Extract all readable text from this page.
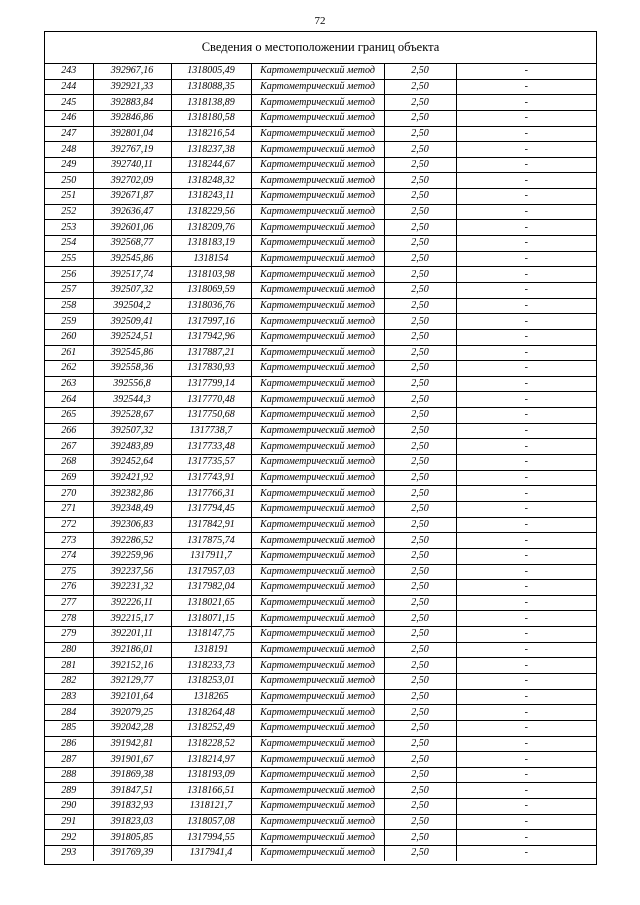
72
Сведения о местоположении границ объекта
243	392967,16	1318005,49	Картометрический метод	2,50	-
244	392921,33	1318088,35	Картометрический метод	2,50	-
245	392883,84	1318138,89	Картометрический метод	2,50	-
246	392846,86	1318180,58	Картометрический метод	2,50	-
247	392801,04	1318216,54	Картометрический метод	2,50	-
248	392767,19	1318237,38	Картометрический метод	2,50	-
249	392740,11	1318244,67	Картометрический метод	2,50	-
250	392702,09	1318248,32	Картометрический метод	2,50	-
251	392671,87	1318243,11	Картометрический метод	2,50	-
252	392636,47	1318229,56	Картометрический метод	2,50	-
253	392601,06	1318209,76	Картометрический метод	2,50	-
254	392568,77	1318183,19	Картометрический метод	2,50	-
255	392545,86	1318154	Картометрический метод	2,50	-
256	392517,74	1318103,98	Картометрический метод	2,50	-
257	392507,32	1318069,59	Картометрический метод	2,50	-
258	392504,2	1318036,76	Картометрический метод	2,50	-
259	392509,41	1317997,16	Картометрический метод	2,50	-
260	392524,51	1317942,96	Картометрический метод	2,50	-
261	392545,86	1317887,21	Картометрический метод	2,50	-
262	392558,36	1317830,93	Картометрический метод	2,50	-
263	392556,8	1317799,14	Картометрический метод	2,50	-
264	392544,3	1317770,48	Картометрический метод	2,50	-
265	392528,67	1317750,68	Картометрический метод	2,50	-
266	392507,32	1317738,7	Картометрический метод	2,50	-
267	392483,89	1317733,48	Картометрический метод	2,50	-
268	392452,64	1317735,57	Картометрический метод	2,50	-
269	392421,92	1317743,91	Картометрический метод	2,50	-
270	392382,86	1317766,31	Картометрический метод	2,50	-
271	392348,49	1317794,45	Картометрический метод	2,50	-
272	392306,83	1317842,91	Картометрический метод	2,50	-
273	392286,52	1317875,74	Картометрический метод	2,50	-
274	392259,96	1317911,7	Картометрический метод	2,50	-
275	392237,56	1317957,03	Картометрический метод	2,50	-
276	392231,32	1317982,04	Картометрический метод	2,50	-
277	392226,11	1318021,65	Картометрический метод	2,50	-
278	392215,17	1318071,15	Картометрический метод	2,50	-
279	392201,11	1318147,75	Картометрический метод	2,50	-
280	392186,01	1318191	Картометрический метод	2,50	-
281	392152,16	1318233,73	Картометрический метод	2,50	-
282	392129,77	1318253,01	Картометрический метод	2,50	-
283	392101,64	1318265	Картометрический метод	2,50	-
284	392079,25	1318264,48	Картометрический метод	2,50	-
285	392042,28	1318252,49	Картометрический метод	2,50	-
286	391942,81	1318228,52	Картометрический метод	2,50	-
287	391901,67	1318214,97	Картометрический метод	2,50	-
288	391869,38	1318193,09	Картометрический метод	2,50	-
289	391847,51	1318166,51	Картометрический метод	2,50	-
290	391832,93	1318121,7	Картометрический метод	2,50	-
291	391823,03	1318057,08	Картометрический метод	2,50	-
292	391805,85	1317994,55	Картометрический метод	2,50	-
293	391769,39	1317941,4	Картометрический метод	2,50	-
